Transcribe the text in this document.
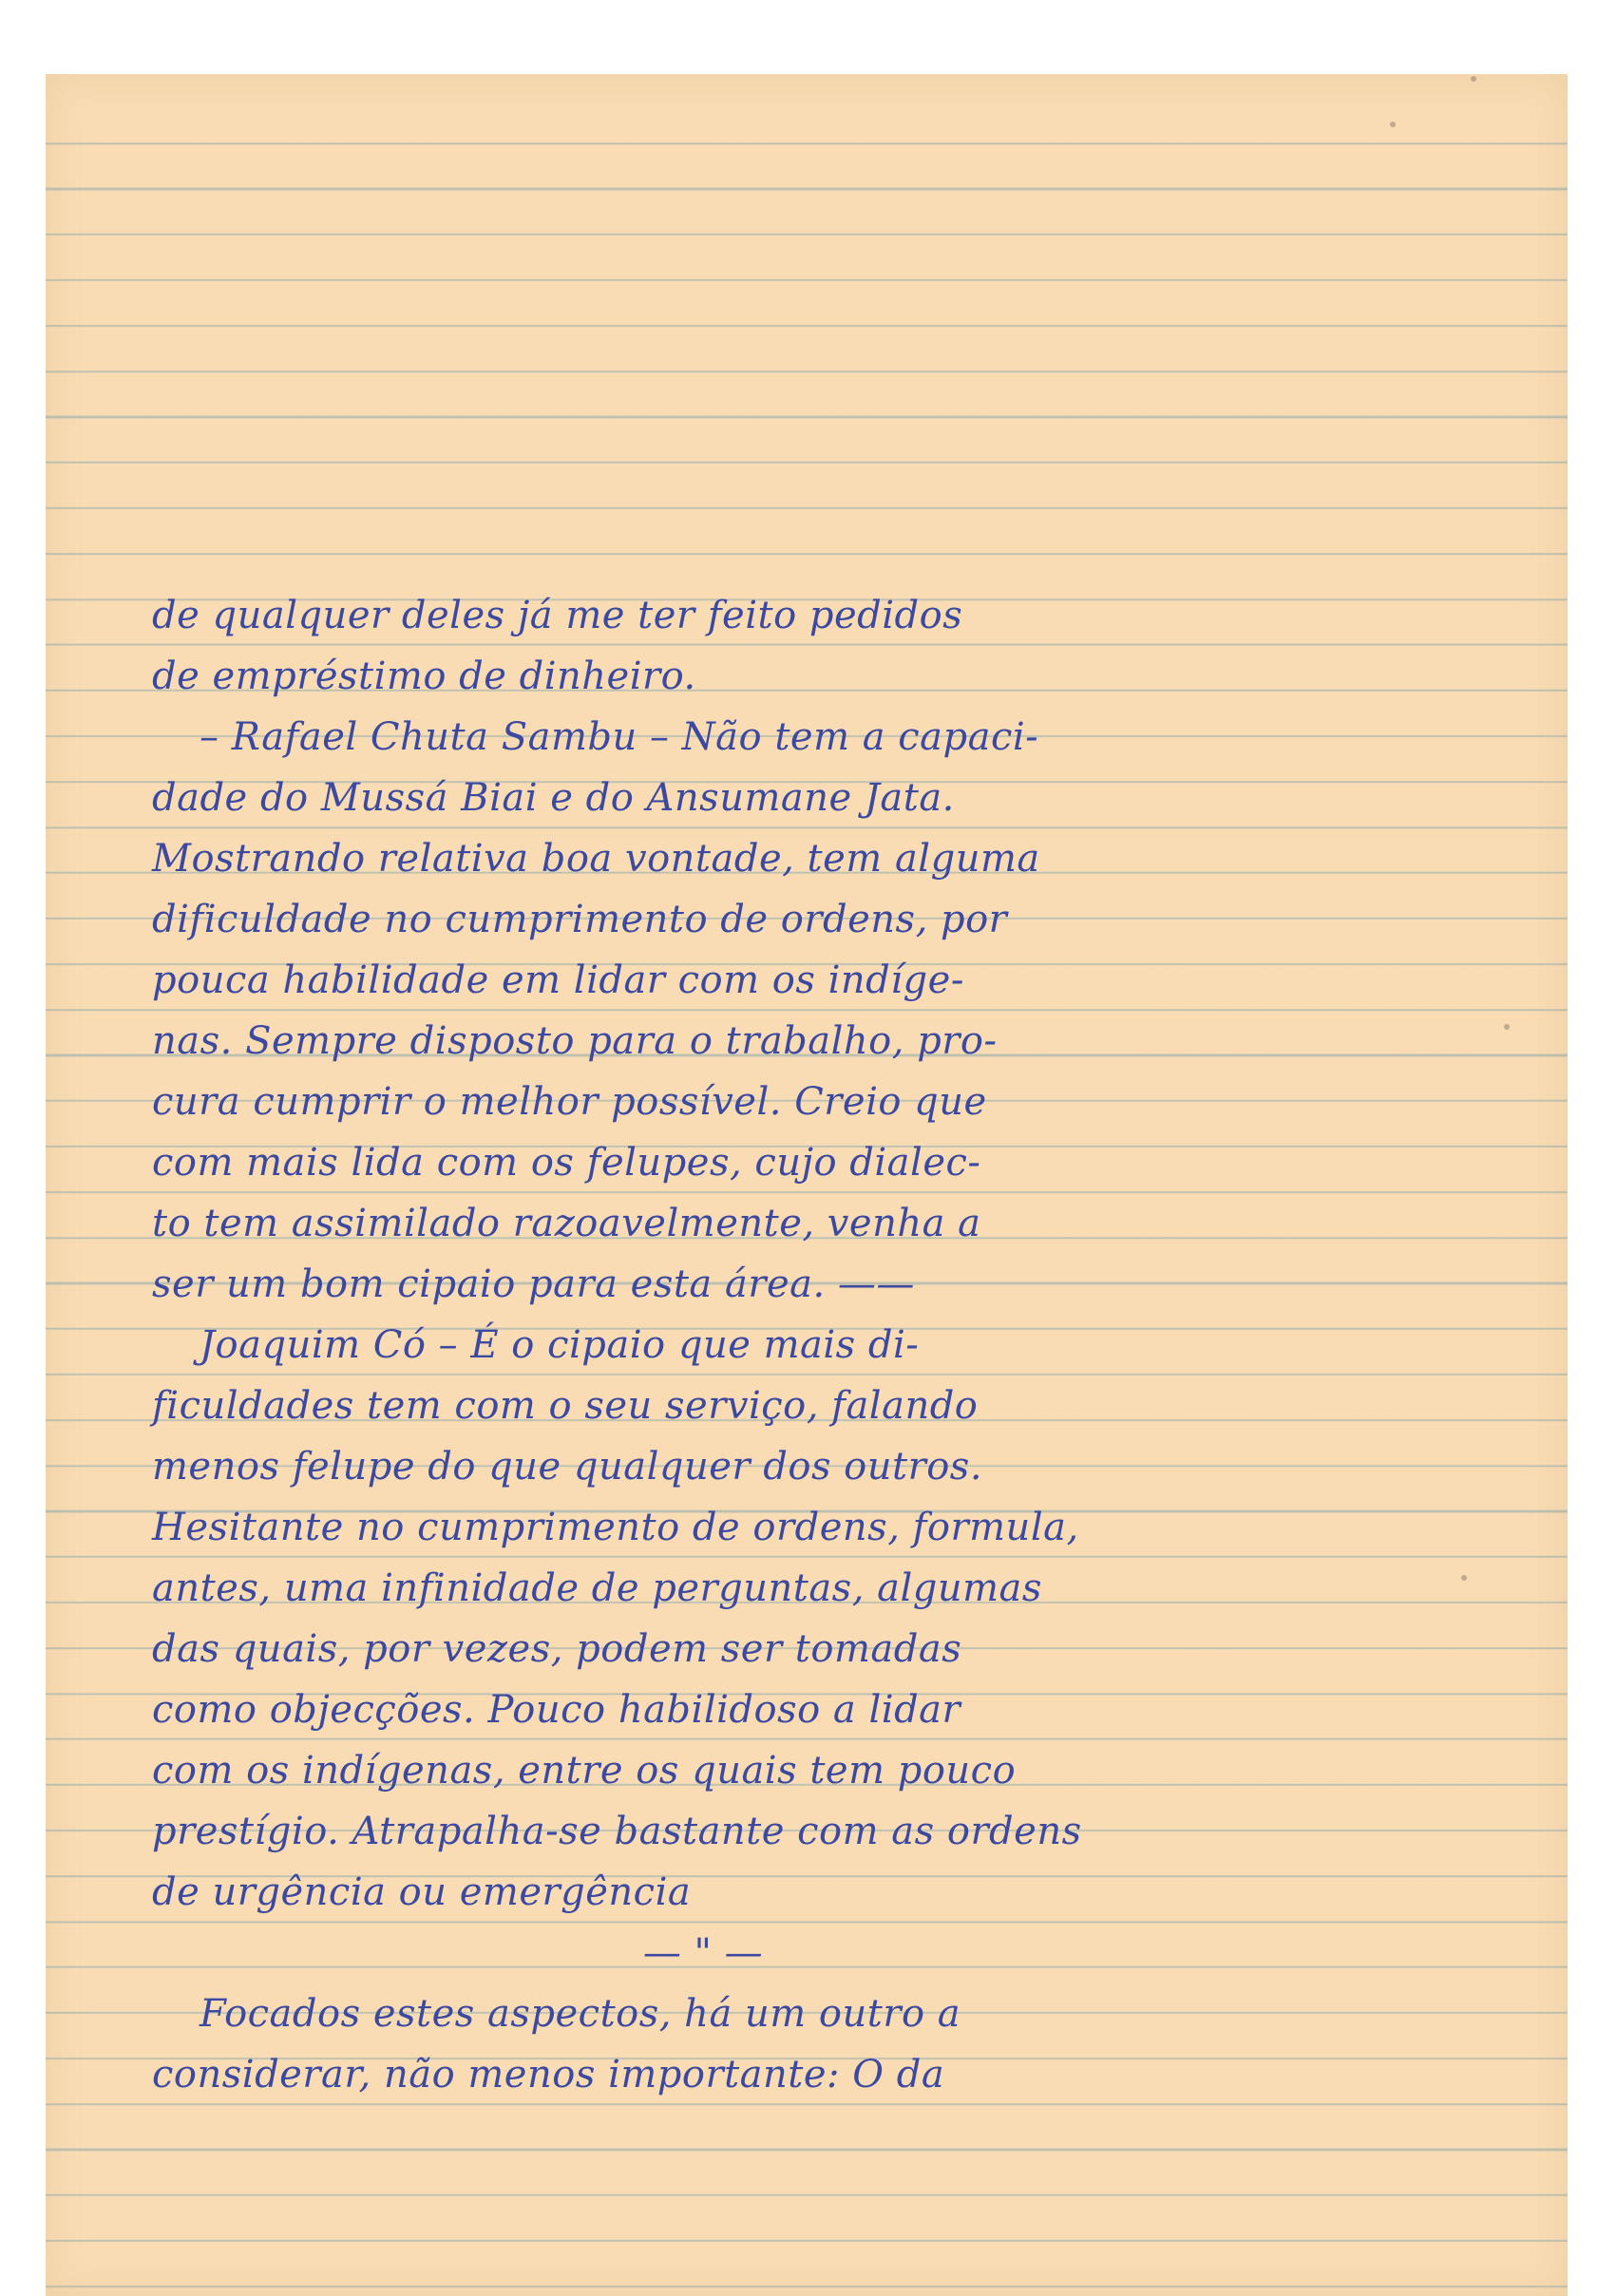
de qualquer deles já me ter feito pedidos
de empréstimo de dinheiro.
– Rafael Chuta Sambu – Não tem a capaci-
dade do Mussá Biai e do Ansumane Jata.
Mostrando relativa boa vontade, tem alguma
dificuldade no cumprimento de ordens, por
pouca habilidade em lidar com os indíge-
nas. Sempre disposto para o trabalho, pro-
cura cumprir o melhor possível. Creio que
com mais lida com os felupes, cujo dialec-
to tem assimilado razoavelmente, venha a
ser um bom cipaio para esta área. ——
Joaquim Có – É o cipaio que mais di-
ficuldades tem com o seu serviço, falando
menos felupe do que qualquer dos outros.
Hesitante no cumprimento de ordens, formula,
antes, uma infinidade de perguntas, algumas
das quais, por vezes, podem ser tomadas
como objecções. Pouco habilidoso a lidar
com os indígenas, entre os quais tem pouco
prestígio. Atrapalha-se bastante com as ordens
de urgência ou emergência
— " —
Focados estes aspectos, há um outro a
considerar, não menos importante: O da
